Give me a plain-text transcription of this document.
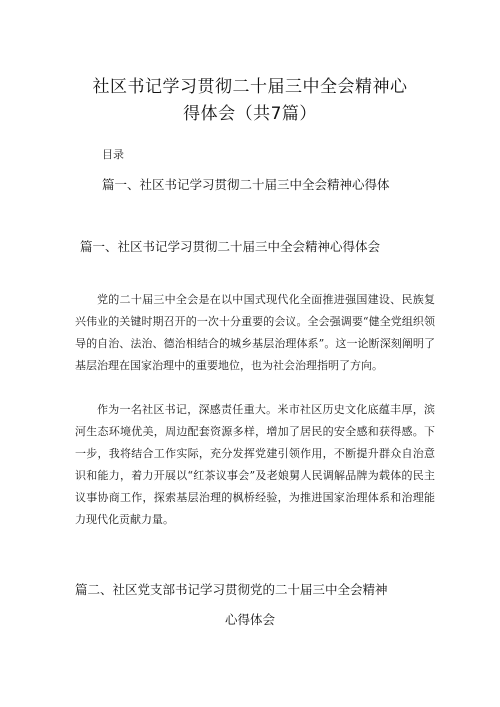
社区书记学习贯彻二十届三中全会精神心
得体会（共7篇）
目录
篇一、社区书记学习贯彻二十届三中全会精神心得体
篇一、社区书记学习贯彻二十届三中全会精神心得体会
党的二十届三中全会是在以中国式现代化全面推进强国建设、民族复兴伟业的关键时期召开的一次十分重要的会议。全会强调要“健全党组织领导的自治、法治、德治相结合的城乡基层治理体系”。这一论断深刻阐明了基层治理在国家治理中的重要地位，也为社会治理指明了方向。
作为一名社区书记，深感责任重大。米市社区历史文化底蕴丰厚，滨河生态环境优美，周边配套资源多样，增加了居民的安全感和获得感。下一步，我将结合工作实际，充分发挥党建引领作用，不断提升群众自治意识和能力，着力开展以“红茶议事会”及老娘舅人民调解品牌为载体的民主议事协商工作，探索基层治理的枫桥经验，为推进国家治理体系和治理能力现代化贡献力量。
篇二、社区党支部书记学习贯彻党的二十届三中全会精神
心得体会
